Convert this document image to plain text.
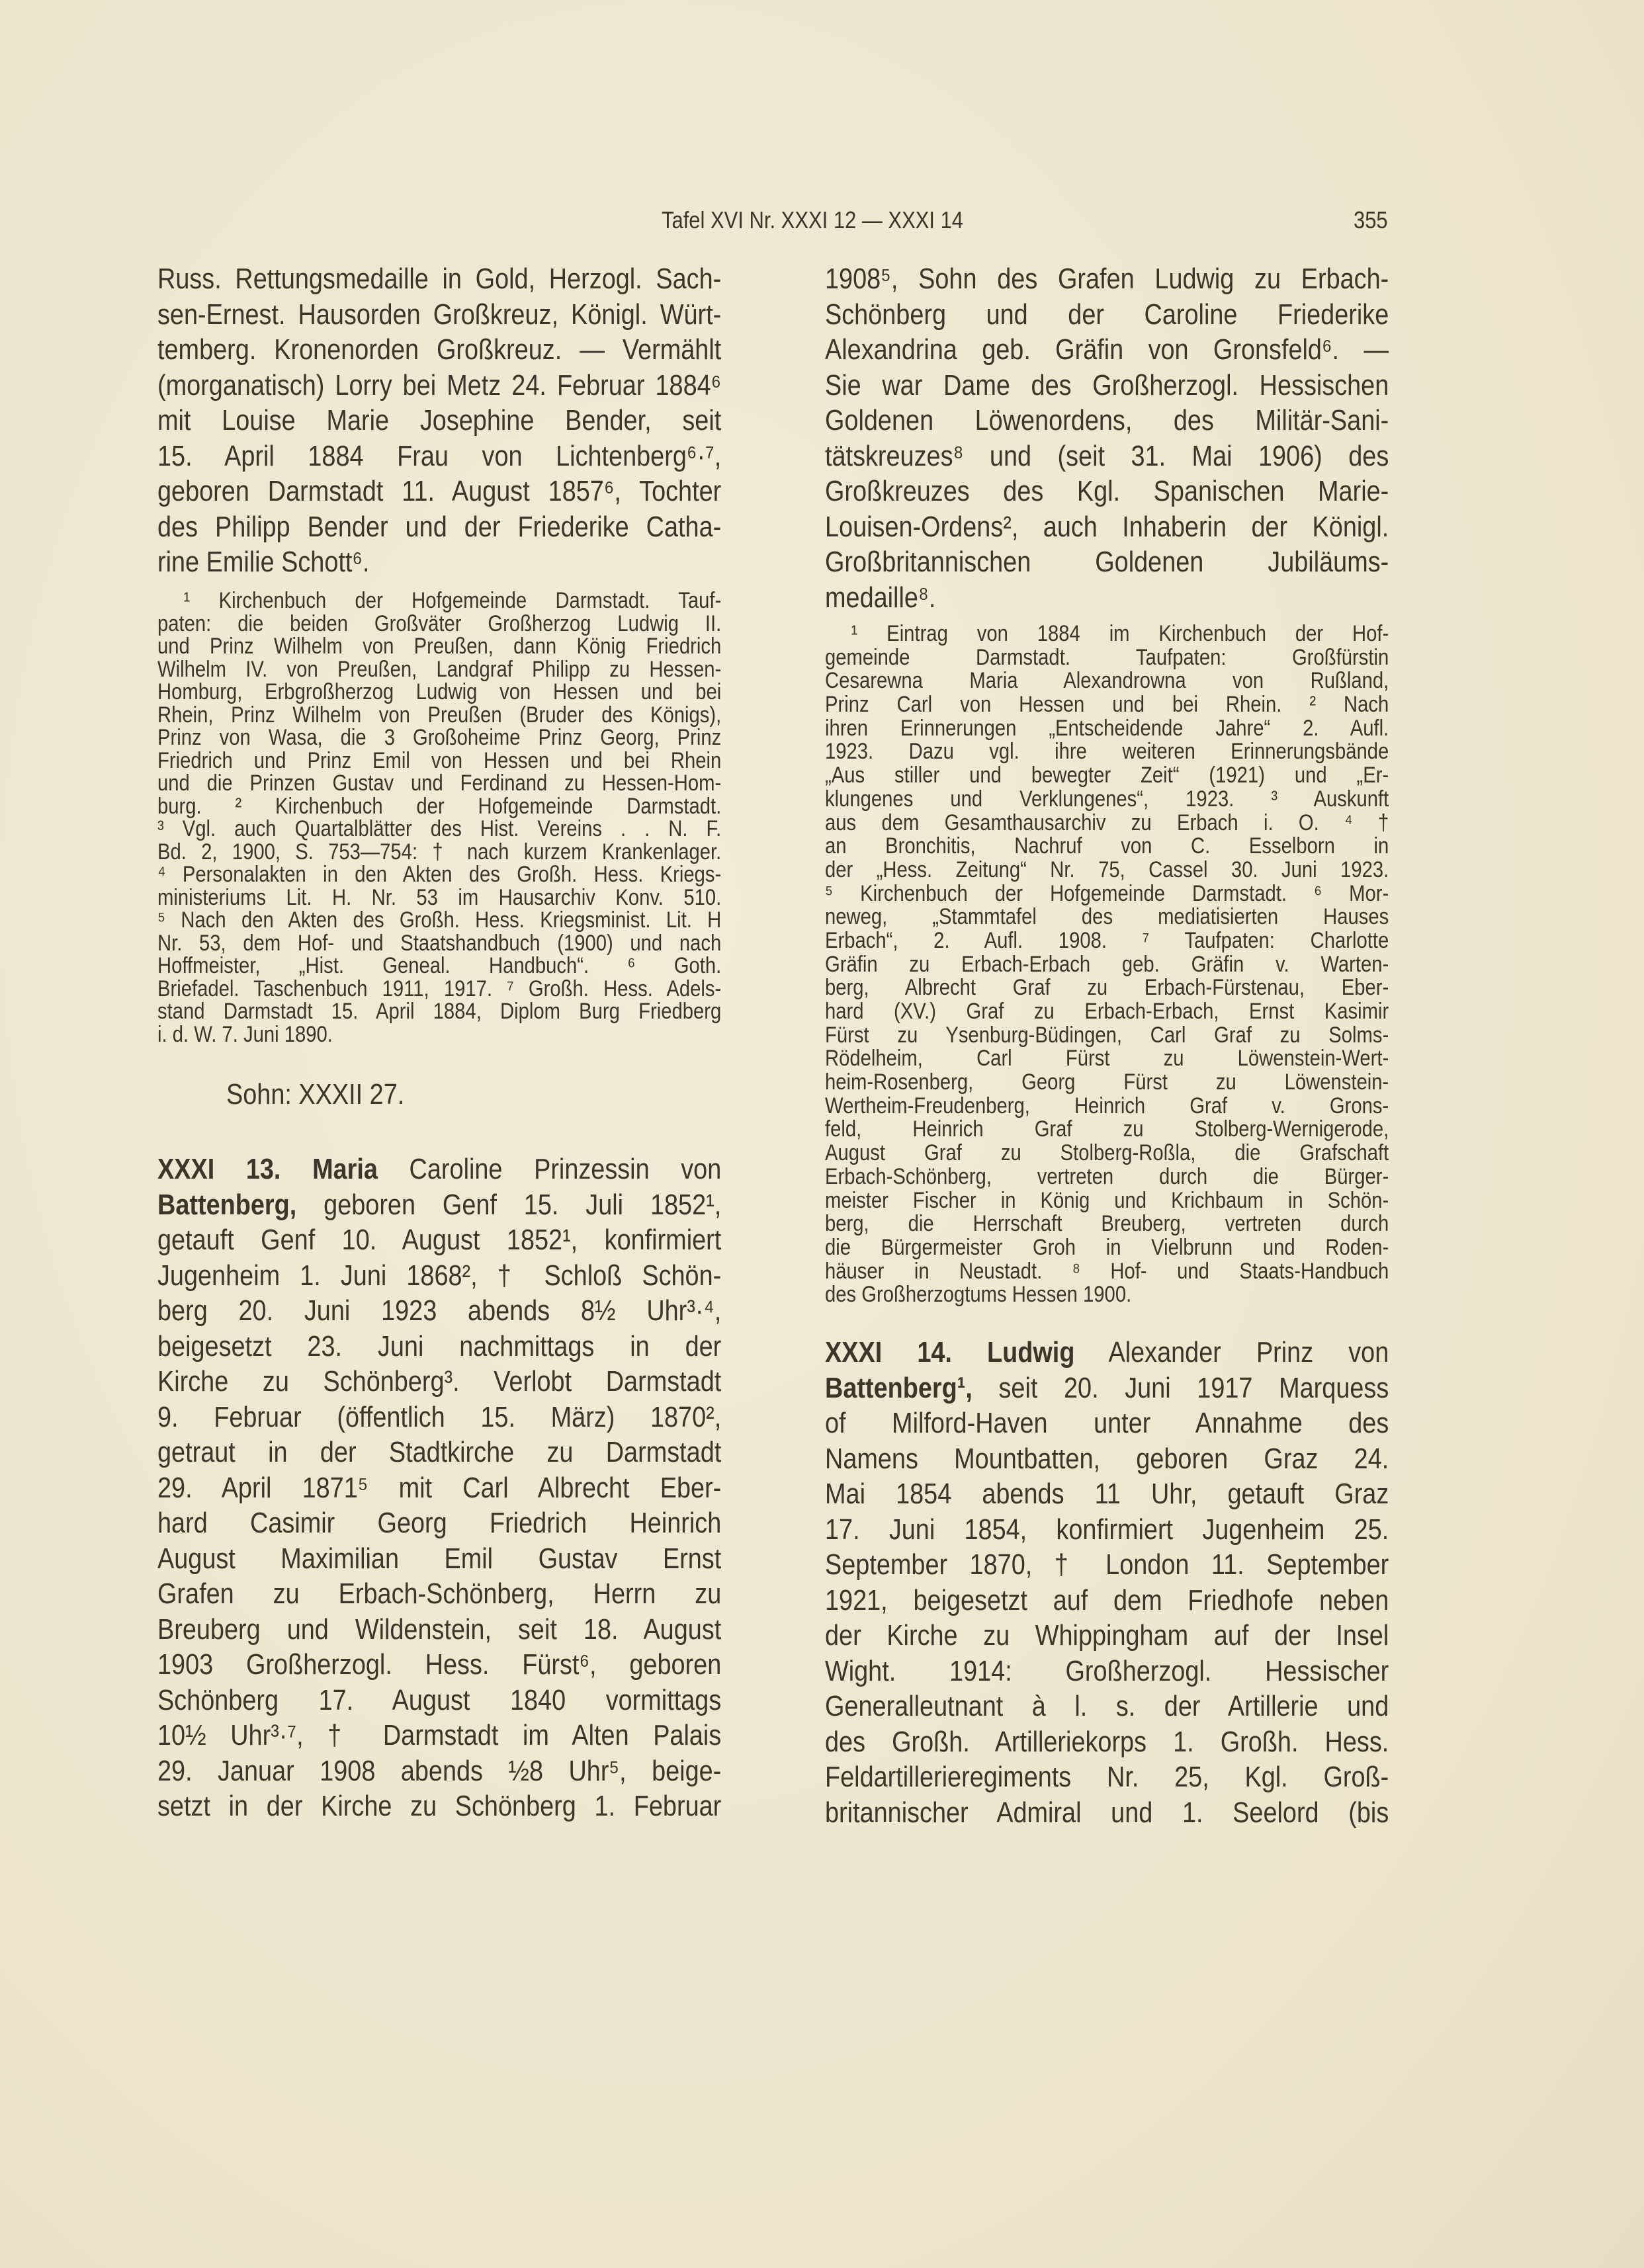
Tafel XVI Nr. XXXI 12 — XXXI 14	355
Russ. Rettungsmedaille in Gold, Herzogl. Sach-
sen-Ernest. Hausorden Großkreuz, Königl. Würt-
temberg. Kronenorden Großkreuz. — Vermählt
(morganatisch) Lorry bei Metz 24. Februar 1884⁶
mit Louise Marie Josephine Bender, seit
15. April 1884 Frau von Lichtenberg⁶·⁷,
geboren Darmstadt 11. August 1857⁶, Tochter
des Philipp Bender und der Friederike Catha-
rine Emilie Schott⁶.
¹ Kirchenbuch der Hofgemeinde Darmstadt. Tauf-
paten: die beiden Großväter Großherzog Ludwig II.
und Prinz Wilhelm von Preußen, dann König Friedrich
Wilhelm IV. von Preußen, Landgraf Philipp zu Hessen-
Homburg, Erbgroßherzog Ludwig von Hessen und bei
Rhein, Prinz Wilhelm von Preußen (Bruder des Königs),
Prinz von Wasa, die 3 Großoheime Prinz Georg, Prinz
Friedrich und Prinz Emil von Hessen und bei Rhein
und die Prinzen Gustav und Ferdinand zu Hessen-Hom-
burg. ² Kirchenbuch der Hofgemeinde Darmstadt.
³ Vgl. auch Quartalblätter des Hist. Vereins . . N. F.
Bd. 2, 1900, S. 753—754: † nach kurzem Krankenlager.
⁴ Personalakten in den Akten des Großh. Hess. Kriegs-
ministeriums Lit. H. Nr. 53 im Hausarchiv Konv. 510.
⁵ Nach den Akten des Großh. Hess. Kriegsminist. Lit. H
Nr. 53, dem Hof- und Staatshandbuch (1900) und nach
Hoffmeister, „Hist. Geneal. Handbuch“. ⁶ Goth.
Briefadel. Taschenbuch 1911, 1917. ⁷ Großh. Hess. Adels-
stand Darmstadt 15. April 1884, Diplom Burg Friedberg
i. d. W. 7. Juni 1890.
Sohn: XXXII 27.
XXXI 13. Maria Caroline Prinzessin von
Battenberg, geboren Genf 15. Juli 1852¹,
getauft Genf 10. August 1852¹, konfirmiert
Jugenheim 1. Juni 1868², † Schloß Schön-
berg 20. Juni 1923 abends 8½ Uhr³·⁴,
beigesetzt 23. Juni nachmittags in der
Kirche zu Schönberg³. Verlobt Darmstadt
9. Februar (öffentlich 15. März) 1870²,
getraut in der Stadtkirche zu Darmstadt
29. April 1871⁵ mit Carl Albrecht Eber-
hard Casimir Georg Friedrich Heinrich
August Maximilian Emil Gustav Ernst
Grafen zu Erbach-Schönberg, Herrn zu
Breuberg und Wildenstein, seit 18. August
1903 Großherzogl. Hess. Fürst⁶, geboren
Schönberg 17. August 1840 vormittags
10½ Uhr³·⁷, † Darmstadt im Alten Palais
29. Januar 1908 abends ½8 Uhr⁵, beige-
setzt in der Kirche zu Schönberg 1. Februar
1908⁵, Sohn des Grafen Ludwig zu Erbach-
Schönberg und der Caroline Friederike
Alexandrina geb. Gräfin von Gronsfeld⁶. —
Sie war Dame des Großherzogl. Hessischen
Goldenen Löwenordens, des Militär-Sani-
tätskreuzes⁸ und (seit 31. Mai 1906) des
Großkreuzes des Kgl. Spanischen Marie-
Louisen-Ordens², auch Inhaberin der Königl.
Großbritannischen Goldenen Jubiläums-
medaille⁸.
¹ Eintrag von 1884 im Kirchenbuch der Hof-
gemeinde Darmstadt. Taufpaten: Großfürstin
Cesarewna Maria Alexandrowna von Rußland,
Prinz Carl von Hessen und bei Rhein. ² Nach
ihren Erinnerungen „Entscheidende Jahre“ 2. Aufl.
1923. Dazu vgl. ihre weiteren Erinnerungsbände
„Aus stiller und bewegter Zeit“ (1921) und „Er-
klungenes und Verklungenes“, 1923. ³ Auskunft
aus dem Gesamthausarchiv zu Erbach i. O. ⁴ †
an Bronchitis, Nachruf von C. Esselborn in
der „Hess. Zeitung“ Nr. 75, Cassel 30. Juni 1923.
⁵ Kirchenbuch der Hofgemeinde Darmstadt. ⁶ Mor-
neweg, „Stammtafel des mediatisierten Hauses
Erbach“, 2. Aufl. 1908. ⁷ Taufpaten: Charlotte
Gräfin zu Erbach-Erbach geb. Gräfin v. Warten-
berg, Albrecht Graf zu Erbach-Fürstenau, Eber-
hard (XV.) Graf zu Erbach-Erbach, Ernst Kasimir
Fürst zu Ysenburg-Büdingen, Carl Graf zu Solms-
Rödelheim, Carl Fürst zu Löwenstein-Wert-
heim-Rosenberg, Georg Fürst zu Löwenstein-
Wertheim-Freudenberg, Heinrich Graf v. Grons-
feld, Heinrich Graf zu Stolberg-Wernigerode,
August Graf zu Stolberg-Roßla, die Grafschaft
Erbach-Schönberg, vertreten durch die Bürger-
meister Fischer in König und Krichbaum in Schön-
berg, die Herrschaft Breuberg, vertreten durch
die Bürgermeister Groh in Vielbrunn und Roden-
häuser in Neustadt. ⁸ Hof- und Staats-Handbuch
des Großherzogtums Hessen 1900.
XXXI 14. Ludwig Alexander Prinz von
Battenberg¹, seit 20. Juni 1917 Marquess
of Milford-Haven unter Annahme des
Namens Mountbatten, geboren Graz 24.
Mai 1854 abends 11 Uhr, getauft Graz
17. Juni 1854, konfirmiert Jugenheim 25.
September 1870, † London 11. September
1921, beigesetzt auf dem Friedhofe neben
der Kirche zu Whippingham auf der Insel
Wight. 1914: Großherzogl. Hessischer
Generalleutnant à l. s. der Artillerie und
des Großh. Artilleriekorps 1. Großh. Hess.
Feldartillerieregiments Nr. 25, Kgl. Groß-
britannischer Admiral und 1. Seelord (bis
